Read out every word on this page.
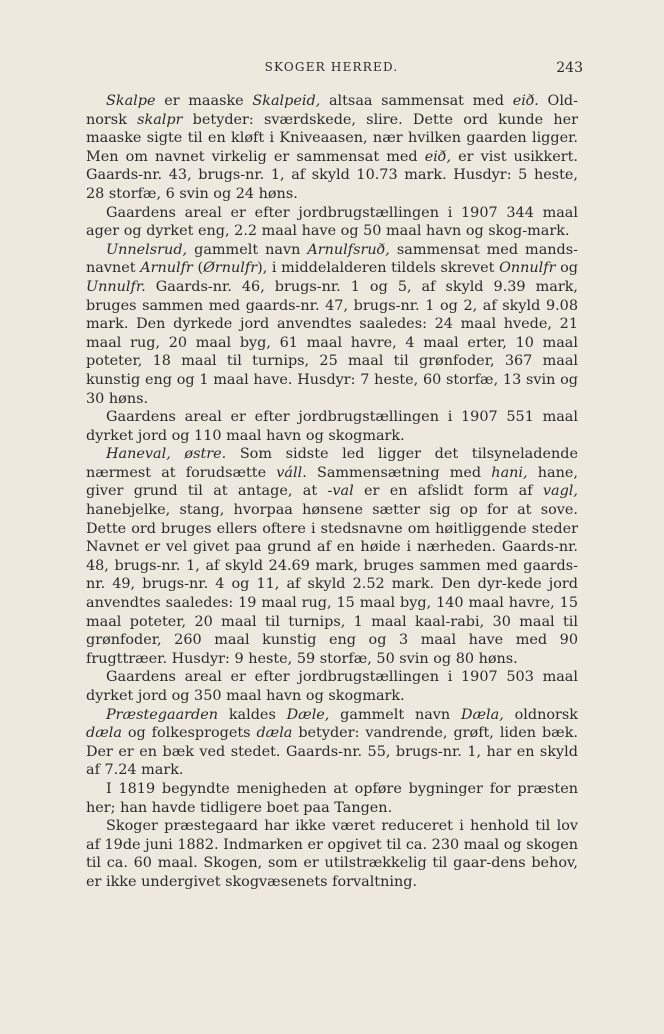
SKOGER HERRED.	243

Skalpe er maaske Skalpeid, altsaa sammensat med eið. Old-norsk skalpr betyder: sværdskede, slire. Dette ord kunde her maaske sigte til en kløft i Kniveaasen, nær hvilken gaarden ligger. Men om navnet virkelig er sammensat med eið, er vist usikkert. Gaards-nr. 43, brugs-nr. 1, af skyld 10.73 mark. Husdyr: 5 heste, 28 storfæ, 6 svin og 24 høns.

Gaardens areal er efter jordbrugstællingen i 1907 344 maal ager og dyrket eng, 2.2 maal have og 50 maal havn og skog-mark.

Unnelsrud, gammelt navn Arnulfsruð, sammensat med mands-navnet Arnulfr (Ørnulfr), i middelalderen tildels skrevet Onnulfr og Unnulfr. Gaards-nr. 46, brugs-nr. 1 og 5, af skyld 9.39 mark, bruges sammen med gaards-nr. 47, brugs-nr. 1 og 2, af skyld 9.08 mark. Den dyrkede jord anvendtes saaledes: 24 maal hvede, 21 maal rug, 20 maal byg, 61 maal havre, 4 maal erter, 10 maal poteter, 18 maal til turnips, 25 maal til grønfoder, 367 maal kunstig eng og 1 maal have. Husdyr: 7 heste, 60 storfæ, 13 svin og 30 høns.

Gaardens areal er efter jordbrugstællingen i 1907 551 maal dyrket jord og 110 maal havn og skogmark.

Haneval, østre. Som sidste led ligger det tilsyneladende nærmest at forudsætte váll. Sammensætning med hani, hane, giver grund til at antage, at -val er en afslidt form af vagl, hanebjelke, stang, hvorpaa hønsene sætter sig op for at sove. Dette ord bruges ellers oftere i stedsnavne om høitliggende steder Navnet er vel givet paa grund af en høide i nærheden. Gaards-nr. 48, brugs-nr. 1, af skyld 24.69 mark, bruges sammen med gaards-nr. 49, brugs-nr. 4 og 11, af skyld 2.52 mark. Den dyr-kede jord anvendtes saaledes: 19 maal rug, 15 maal byg, 140 maal havre, 15 maal poteter, 20 maal til turnips, 1 maal kaal-rabi, 30 maal til grønfoder, 260 maal kunstig eng og 3 maal have med 90 frugttræer. Husdyr: 9 heste, 59 storfæ, 50 svin og 80 høns.

Gaardens areal er efter jordbrugstællingen i 1907 503 maal dyrket jord og 350 maal havn og skogmark.

Præstegaarden kaldes Dæle, gammelt navn Dæla, oldnorsk dæla og folkesprogets dæla betyder: vandrende, grøft, liden bæk. Der er en bæk ved stedet. Gaards-nr. 55, brugs-nr. 1, har en skyld af 7.24 mark.

I 1819 begyndte menigheden at opføre bygninger for præsten her; han havde tidligere boet paa Tangen.

Skoger præstegaard har ikke været reduceret i henhold til lov af 19de juni 1882. Indmarken er opgivet til ca. 230 maal og skogen til ca. 60 maal. Skogen, som er utilstrækkelig til gaar-dens behov, er ikke undergivet skogvæsenets forvaltning.
